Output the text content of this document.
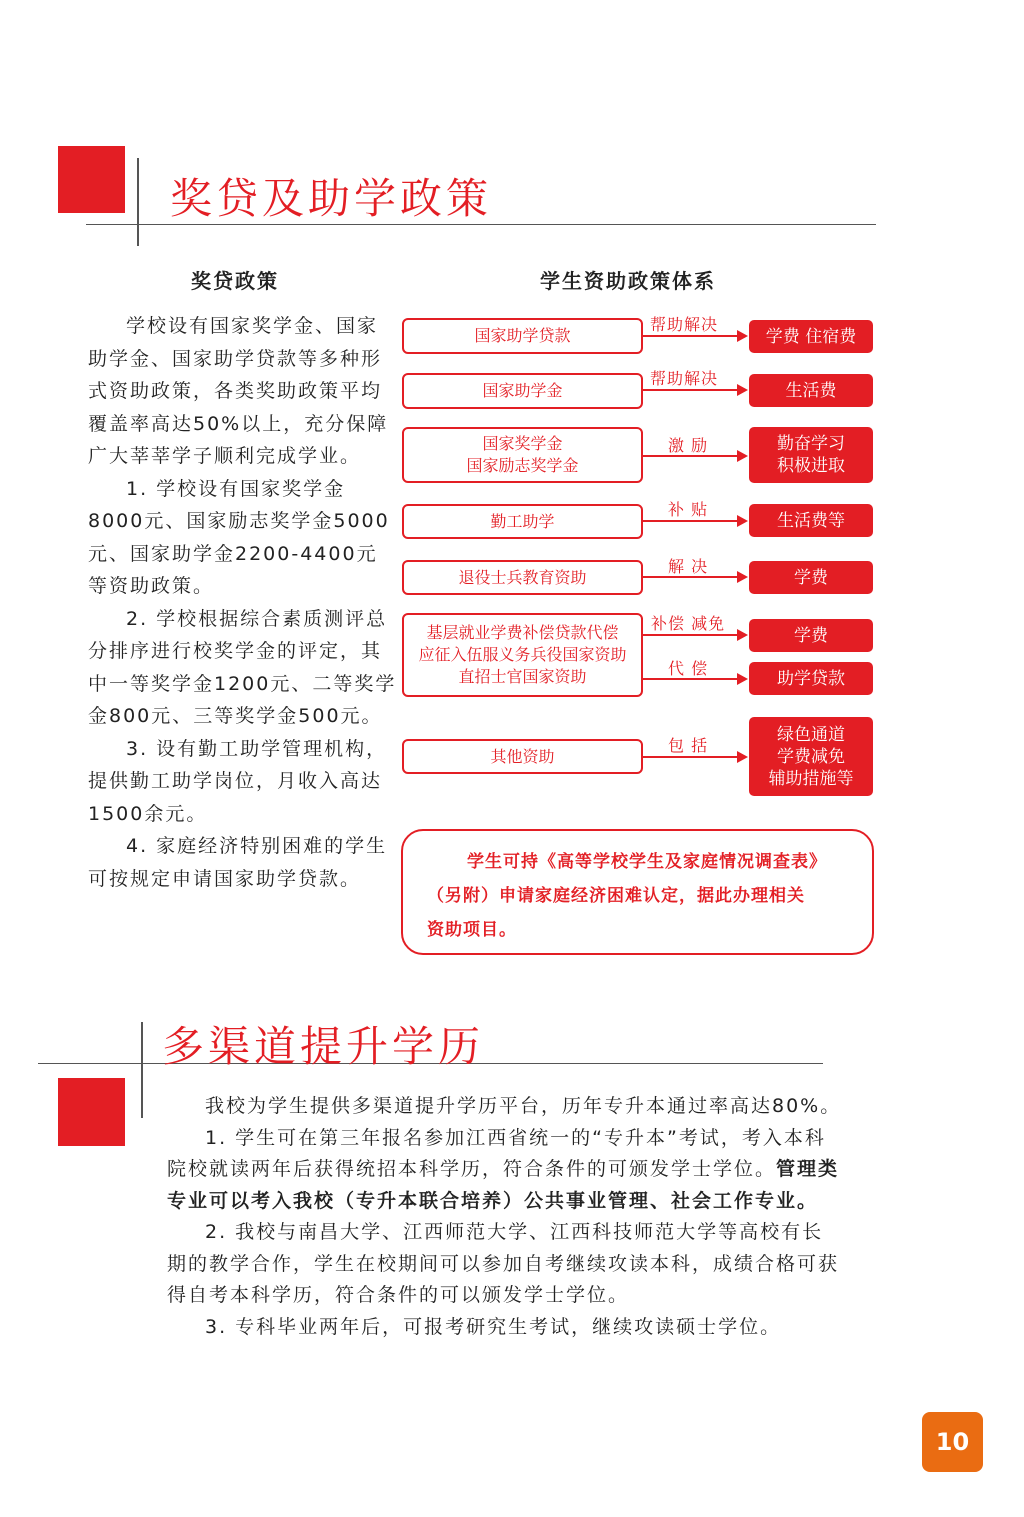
奖贷及助学政策
奖贷政策	学生资助政策体系

学校设有国家奖学金、国家助学金、国家助学贷款等多种形式资助政策，各类奖助政策平均覆盖率高达50%以上，充分保障广大莘莘学子顺利完成学业。

1. 学校设有国家奖学金8000元、国家励志奖学金5000元、国家助学金2200-4400元等资助政策。

2. 学校根据综合素质测评总分排序进行校奖学金的评定，其中一等奖学金1200元、二等奖学金800元、三等奖学金500元。

3. 设有勤工助学管理机构，提供勤工助学岗位，月收入高达1500余元。

4. 家庭经济特别困难的学生可按规定申请国家助学贷款。

国家助学贷款
帮助解决
学费 住宿费
国家助学金
帮助解决
生活费
国家奖学金
国家励志奖学金
激 励	勤奋学习
积极进取
勤工助学
补 贴
生活费等
退役士兵教育资助
解 决
学费
基层就业学费补偿贷款代偿
应征入伍服义务兵役国家资助
直招士官国家资助
补偿 减免
学费
代 偿	助学贷款
其他资助
包 括
绿色通道
学费减免
辅助措施等

学生可持《高等学校学生及家庭情况调查表》

（另附）申请家庭经济困难认定，据此办理相关

资助项目。

多渠道提升学历

我校为学生提供多渠道提升学历平台，历年专升本通过率高达80%。

1. 学生可在第三年报名参加江西省统一的“专升本”考试，考入本科院校就读两年后获得统招本科学历，符合条件的可颁发学士学位。管理类专业可以考入我校（专升本联合培养）公共事业管理、社会工作专业。

2. 我校与南昌大学、江西师范大学、江西科技师范大学等高校有长期的教学合作，学生在校期间可以参加自考继续攻读本科，成绩合格可获得自考本科学历，符合条件的可以颁发学士学位。

3. 专科毕业两年后，可报考研究生考试，继续攻读硕士学位。

10
